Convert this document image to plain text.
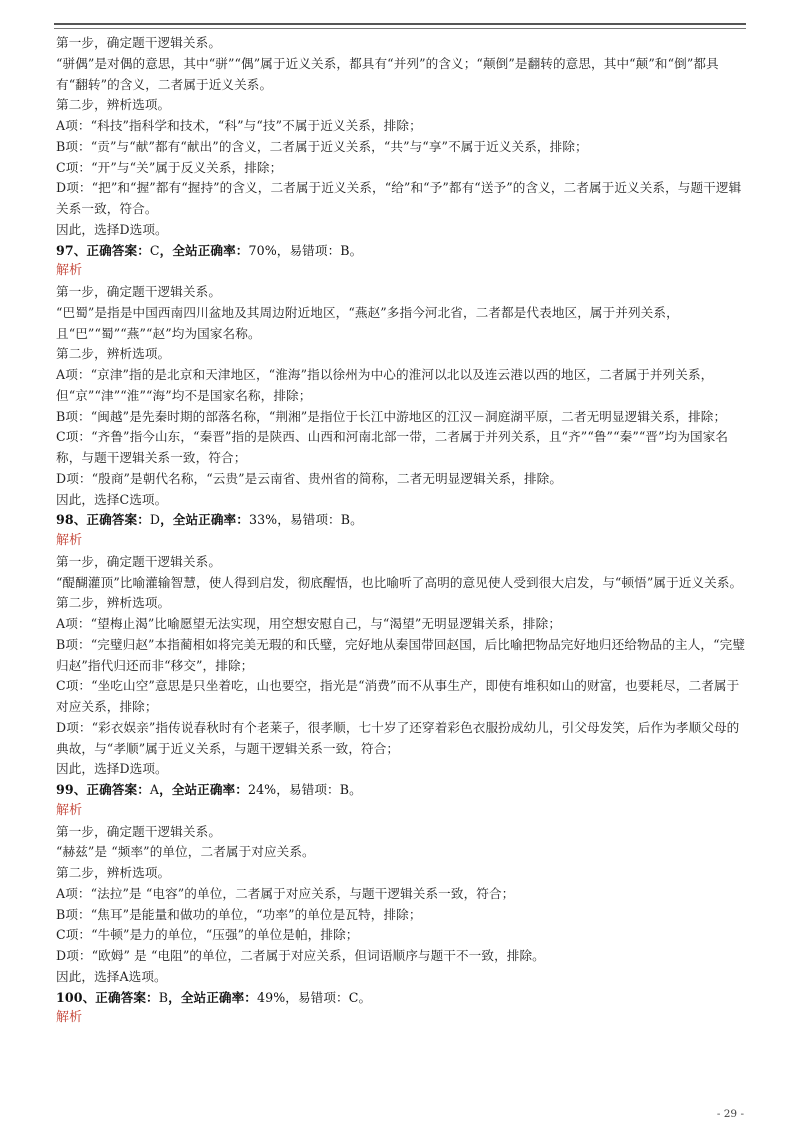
第一步，确定题干逻辑关系。

“骈偶”是对偶的意思，其中“骈”“偶”属于近义关系，都具有“并列”的含义；“颠倒”是翻转的意思，其中“颠”和“倒”都具有“翻转”的含义，二者属于近义关系。

第二步，辨析选项。

A项：“科技”指科学和技术，“科”与“技”不属于近义关系，排除；

B项：“贡”与“献”都有“献出”的含义，二者属于近义关系，“共”与“享”不属于近义关系，排除；

C项：“开”与“关”属于反义关系，排除；

D项：“把”和“握”都有“握持”的含义，二者属于近义关系，“给”和“予”都有“送予”的含义，二者属于近义关系，与题干逻辑关系一致，符合。

因此，选择D选项。

97、正确答案：C，全站正确率：70%，易错项：B。

解析

第一步，确定题干逻辑关系。

“巴蜀”是指是中国西南四川盆地及其周边附近地区，“燕赵”多指今河北省，二者都是代表地区，属于并列关系，且“巴”“蜀”“燕”“赵”均为国家名称。

第二步，辨析选项。

A项：“京津”指的是北京和天津地区，“淮海”指以徐州为中心的淮河以北以及连云港以西的地区，二者属于并列关系，但“京”“津”“淮”“海”均不是国家名称，排除；

B项：“闽越”是先秦时期的部落名称，“荆湘”是指位于长江中游地区的江汉－洞庭湖平原，二者无明显逻辑关系，排除；

C项：“齐鲁”指今山东，“秦晋”指的是陕西、山西和河南北部一带，二者属于并列关系，且“齐”“鲁”“秦”“晋”均为国家名称，与题干逻辑关系一致，符合；

D项：“殷商”是朝代名称，“云贵”是云南省、贵州省的简称，二者无明显逻辑关系，排除。

因此，选择C选项。

98、正确答案：D，全站正确率：33%，易错项：B。

解析

第一步，确定题干逻辑关系。

“醍醐灌顶”比喻灌输智慧，使人得到启发，彻底醒悟，也比喻听了高明的意见使人受到很大启发，与“顿悟”属于近义关系。

第二步，辨析选项。

A项：“望梅止渴”比喻愿望无法实现，用空想安慰自己，与“渴望”无明显逻辑关系，排除；

B项：“完璧归赵”本指蔺相如将完美无瑕的和氏璧，完好地从秦国带回赵国，后比喻把物品完好地归还给物品的主人，“完璧归赵”指代归还而非“移交”，排除；

C项：“坐吃山空”意思是只坐着吃，山也要空，指光是“消费”而不从事生产，即使有堆积如山的财富，也要耗尽，二者属于对应关系，排除；

D项：“彩衣娱亲”指传说春秋时有个老莱子，很孝顺，七十岁了还穿着彩色衣服扮成幼儿，引父母发笑，后作为孝顺父母的典故，与“孝顺”属于近义关系，与题干逻辑关系一致，符合；

因此，选择D选项。

99、正确答案：A，全站正确率：24%，易错项：B。

解析

第一步，确定题干逻辑关系。

“赫兹”是 “频率”的单位，二者属于对应关系。

第二步，辨析选项。

A项：“法拉”是 “电容”的单位，二者属于对应关系，与题干逻辑关系一致，符合；

B项：“焦耳”是能量和做功的单位，“功率”的单位是瓦特，排除；

C项：“牛顿”是力的单位，“压强”的单位是帕，排除；

D项：“欧姆” 是 “电阻”的单位，二者属于对应关系，但词语顺序与题干不一致，排除。

因此，选择A选项。

100、正确答案：B，全站正确率：49%，易错项：C。

解析

- 29 -
